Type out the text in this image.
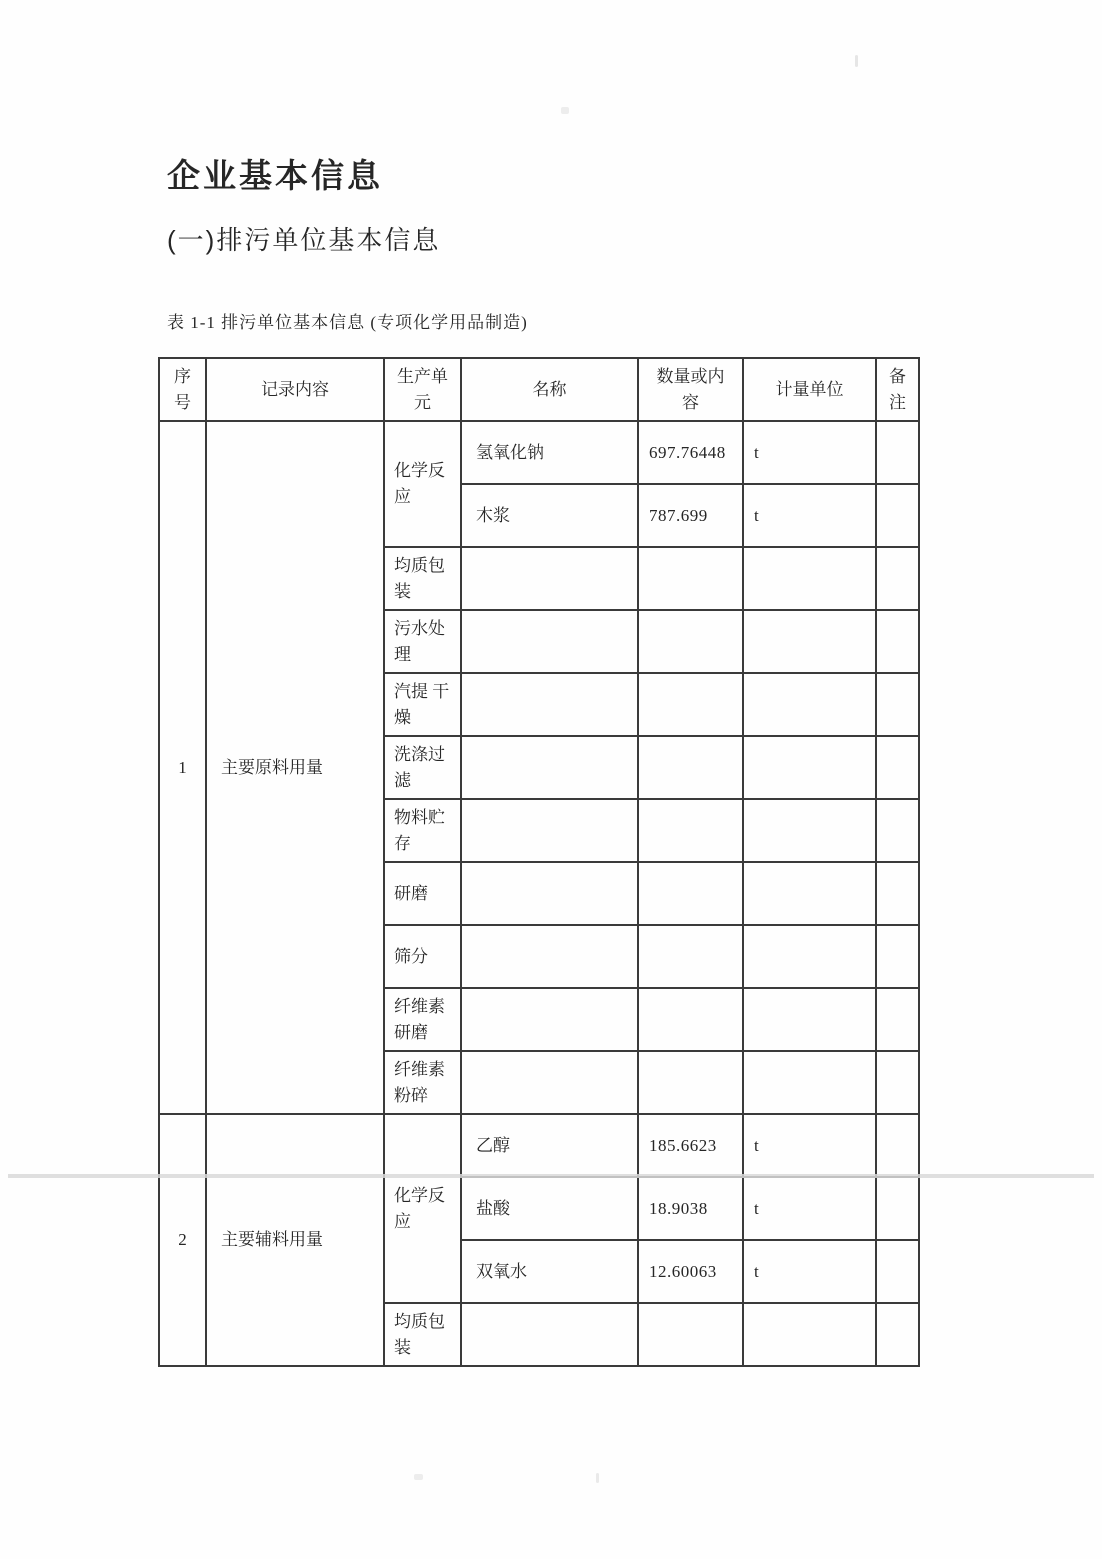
企业基本信息
(一)排污单位基本信息
表 1-1 排污单位基本信息 (专项化学用品制造)
序号	记录内容	生产单元	名称	数量或内容	计量单位	备注
1	主要原料用量	化学反应	氢氧化钠	697.76448	t	
			木浆	787.699	t	
		均质包装				
		污水处理				
		汽提 干燥				
		洗涤过滤				
		物料贮存				
		研磨				
		筛分				
		纤维素研磨				
		纤维素粉碎				
2	主要辅料用量	化学反应	乙醇	185.6623	t	
			盐酸	18.9038	t	
			双氧水	12.60063	t	
		均质包装				
